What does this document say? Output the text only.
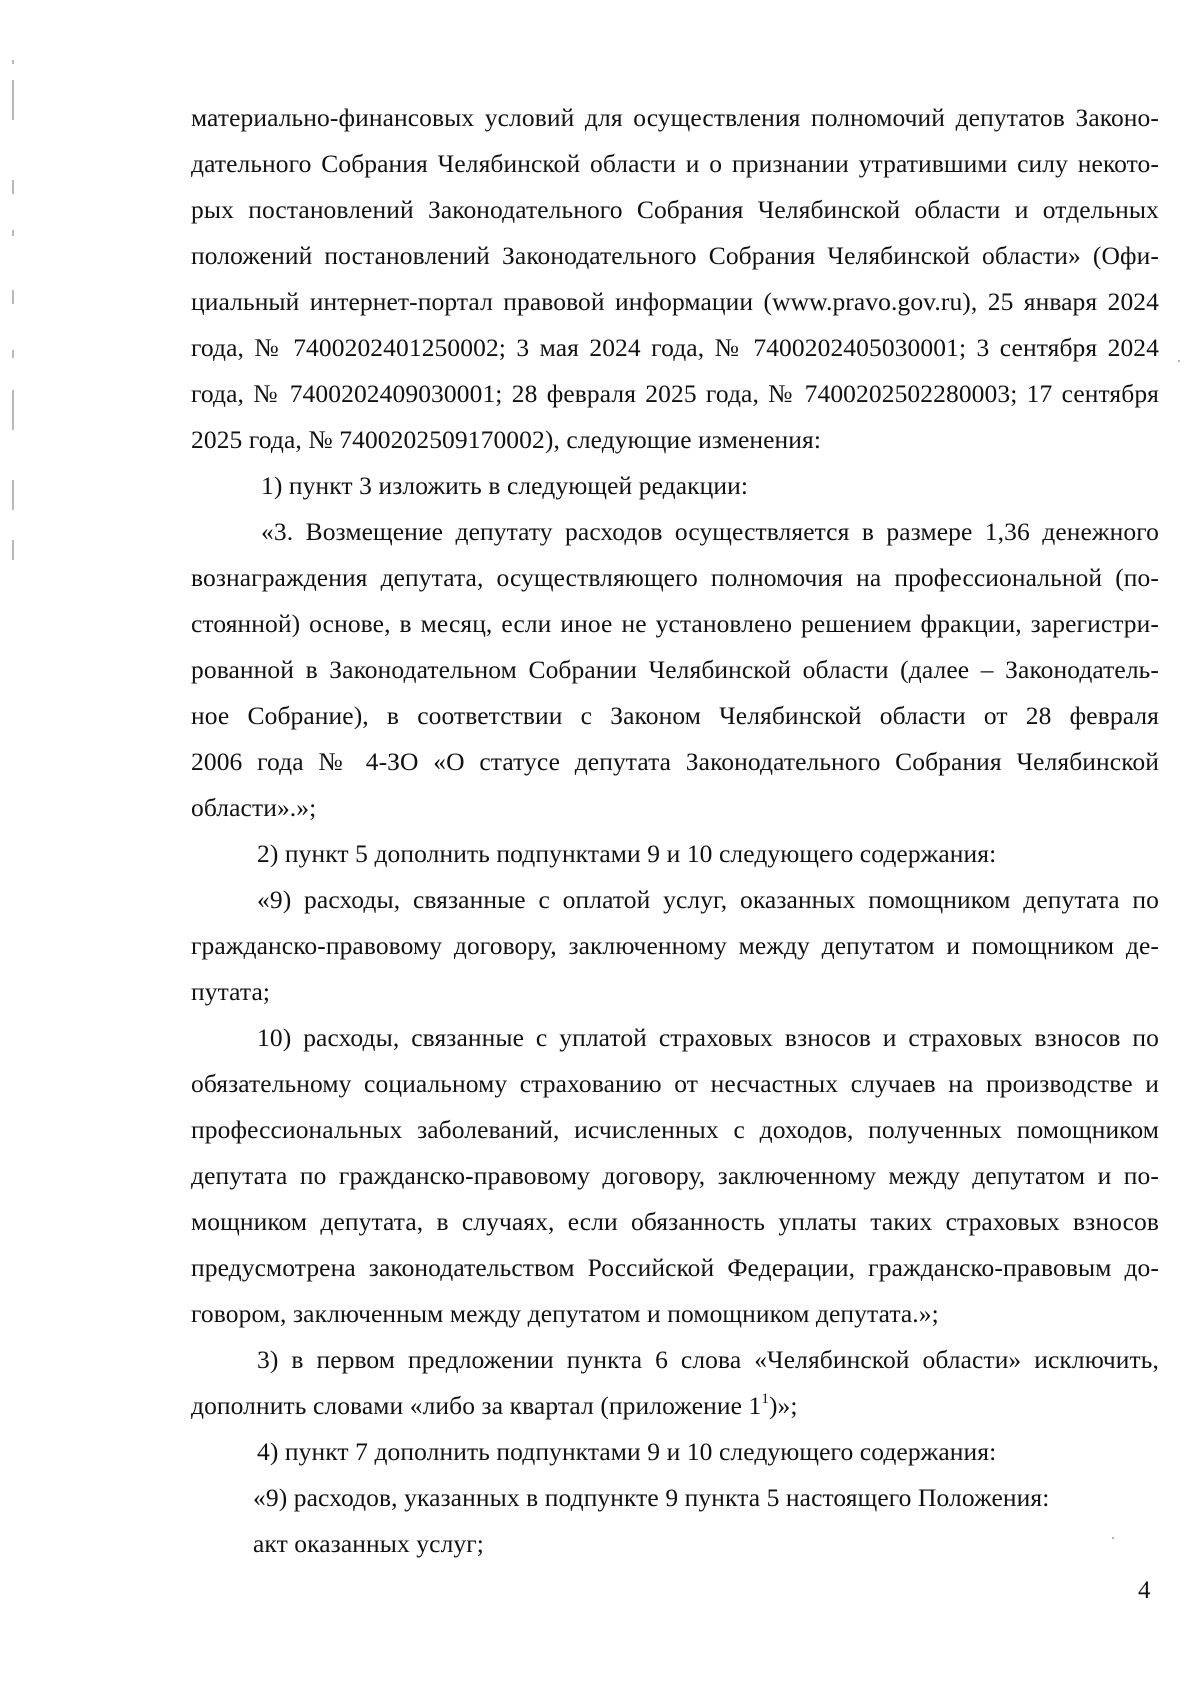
материально-финансовых условий для осуществления полномочий депутатов Законо-
дательного Собрания Челябинской области и о признании утратившими силу некото-
рых постановлений Законодательного Собрания Челябинской области и отдельных
положений постановлений Законодательного Собрания Челябинской области» (Офи-
циальный интернет-портал правовой информации (www.pravo.gov.ru), 25 января 2024
года, № 7400202401250002; 3 мая 2024 года, № 7400202405030001; 3 сентября 2024
года, № 7400202409030001; 28 февраля 2025 года, № 7400202502280003; 17 сентября
2025 года, № 7400202509170002), следующие изменения:
1) пункт 3 изложить в следующей редакции:
«3. Возмещение депутату расходов осуществляется в размере 1,36 денежного
вознаграждения депутата, осуществляющего полномочия на профессиональной (по-
стоянной) основе, в месяц, если иное не установлено решением фракции, зарегистри-
рованной в Законодательном Собрании Челябинской области (далее – Законодатель-
ное Собрание), в соответствии с Законом Челябинской области от 28 февраля
2006 года № 4-ЗО «О статусе депутата Законодательного Собрания Челябинской
области».»;
2) пункт 5 дополнить подпунктами 9 и 10 следующего содержания:
«9) расходы, связанные с оплатой услуг, оказанных помощником депутата по
гражданско-правовому договору, заключенному между депутатом и помощником де-
путата;
10) расходы, связанные с уплатой страховых взносов и страховых взносов по
обязательному социальному страхованию от несчастных случаев на производстве и
профессиональных заболеваний, исчисленных с доходов, полученных помощником
депутата по гражданско-правовому договору, заключенному между депутатом и по-
мощником депутата, в случаях, если обязанность уплаты таких страховых взносов
предусмотрена законодательством Российской Федерации, гражданско-правовым до-
говором, заключенным между депутатом и помощником депутата.»;
3) в первом предложении пункта 6 слова «Челябинской области» исключить,
дополнить словами «либо за квартал (приложение $1^1$)»;
4) пункт 7 дополнить подпунктами 9 и 10 следующего содержания:
«9) расходов, указанных в подпункте 9 пункта 5 настоящего Положения:
акт оказанных услуг;
4
